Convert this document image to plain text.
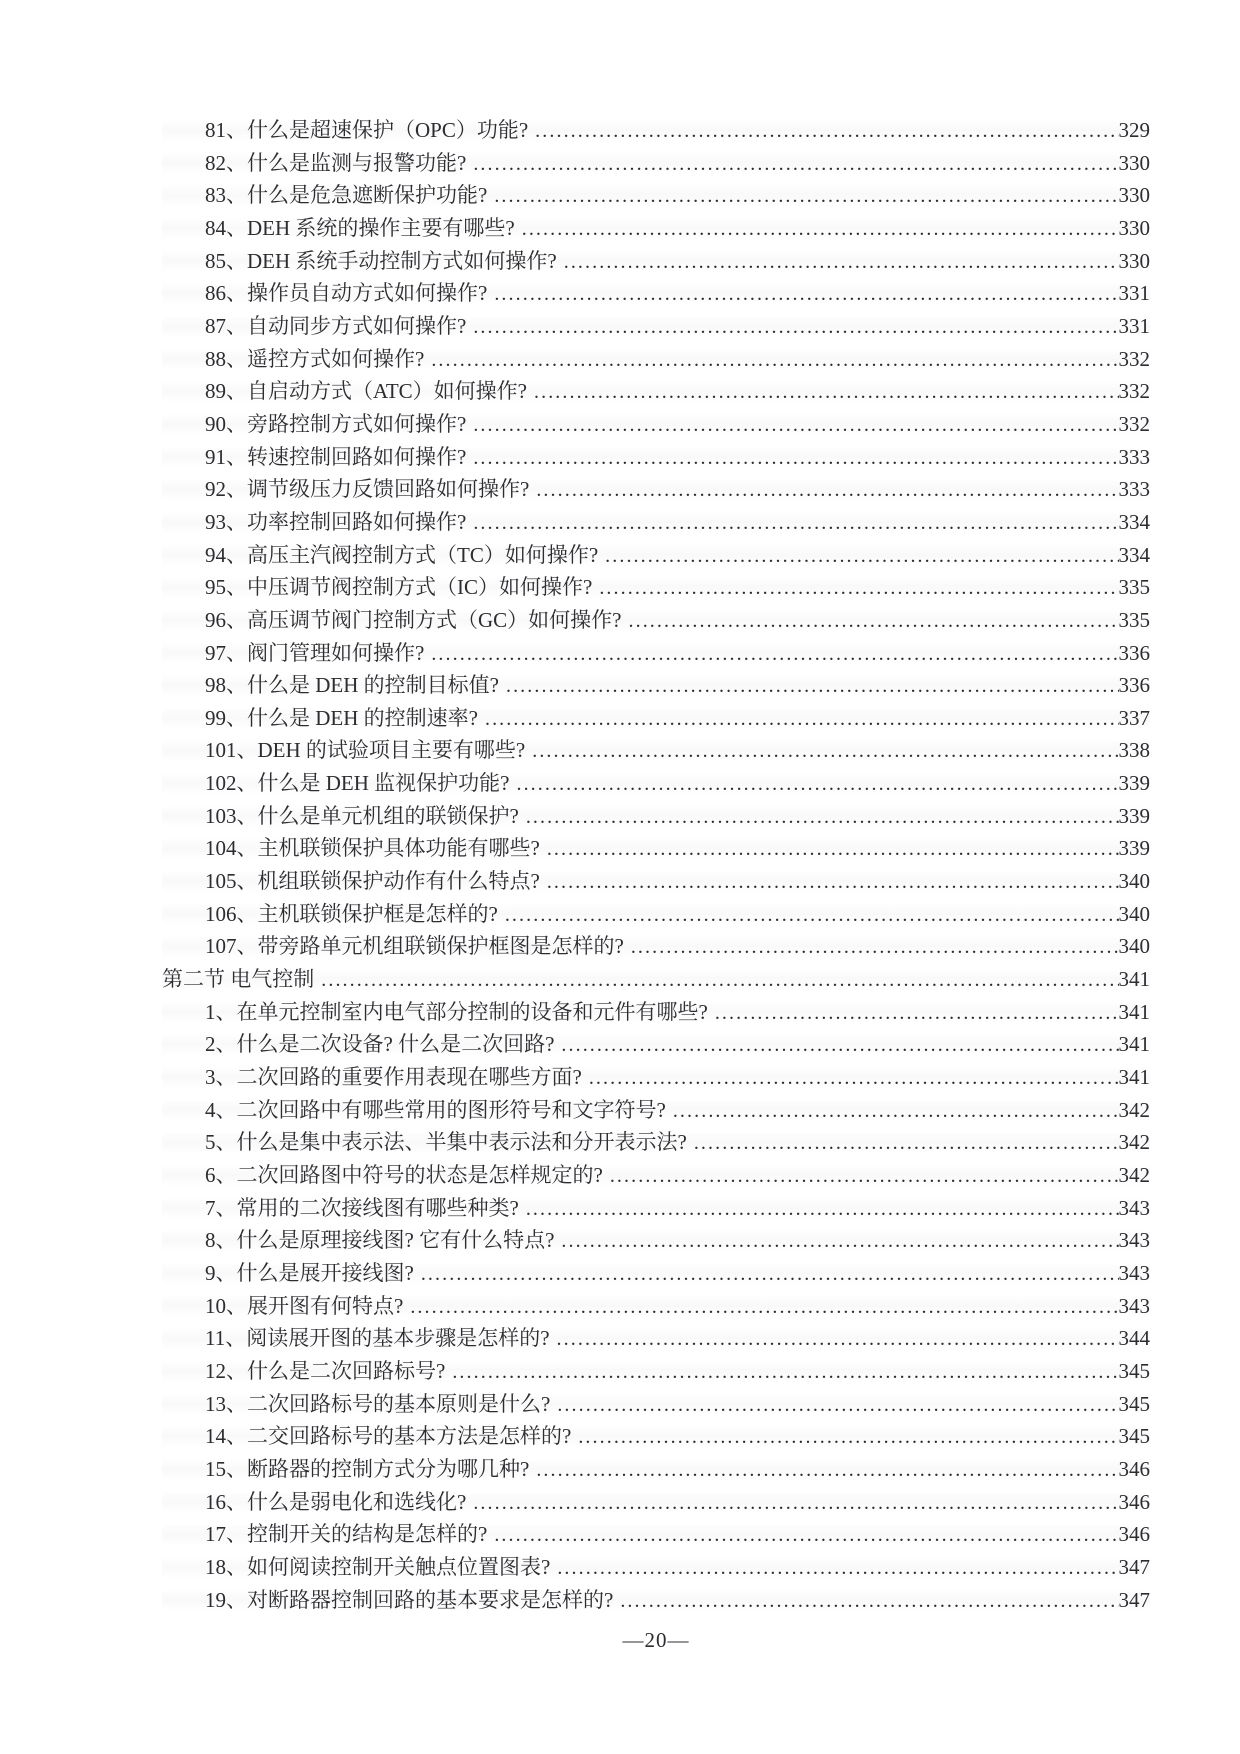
81、什么是超速保护（OPC）功能? .....	329
82、什么是监测与报警功能? .....	330
83、什么是危急遮断保护功能? .....	330
84、DEH 系统的操作主要有哪些? .....	330
85、DEH 系统手动控制方式如何操作? .....	330
86、操作员自动方式如何操作? .....	331
87、自动同步方式如何操作? .....	331
88、遥控方式如何操作? .....	332
89、自启动方式（ATC）如何操作? .....	332
90、旁路控制方式如何操作? .....	332
91、转速控制回路如何操作? .....	333
92、调节级压力反馈回路如何操作? .....	333
93、功率控制回路如何操作? .....	334
94、高压主汽阀控制方式（TC）如何操作? .....	334
95、中压调节阀控制方式（IC）如何操作? .....	335
96、高压调节阀门控制方式（GC）如何操作? .....	335
97、阀门管理如何操作? .....	336
98、什么是 DEH 的控制目标值? .....	336
99、什么是 DEH 的控制速率? .....	337
101、DEH 的试验项目主要有哪些? .....	338
102、什么是 DEH 监视保护功能? .....	339
103、什么是单元机组的联锁保护? .....	339
104、主机联锁保护具体功能有哪些? .....	339
105、机组联锁保护动作有什么特点? .....	340
106、主机联锁保护框是怎样的? .....	340
107、带旁路单元机组联锁保护框图是怎样的? .....	340
第二节 电气控制 .....	341
1、在单元控制室内电气部分控制的设备和元件有哪些? .....	341
2、什么是二次设备? 什么是二次回路? .....	341
3、二次回路的重要作用表现在哪些方面? .....	341
4、二次回路中有哪些常用的图形符号和文字符号? .....	342
5、什么是集中表示法、半集中表示法和分开表示法? .....	342
6、二次回路图中符号的状态是怎样规定的? .....	342
7、常用的二次接线图有哪些种类? .....	343
8、什么是原理接线图? 它有什么特点? .....	343
9、什么是展开接线图? .....	343
10、展开图有何特点? .....	343
11、阅读展开图的基本步骤是怎样的? .....	344
12、什么是二次回路标号? .....	345
13、二次回路标号的基本原则是什么? .....	345
14、二交回路标号的基本方法是怎样的? .....	345
15、断路器的控制方式分为哪几种? .....	346
16、什么是弱电化和选线化? .....	346
17、控制开关的结构是怎样的? .....	346
18、如何阅读控制开关触点位置图表? .....	347
19、对断路器控制回路的基本要求是怎样的? .....	347
—20—
